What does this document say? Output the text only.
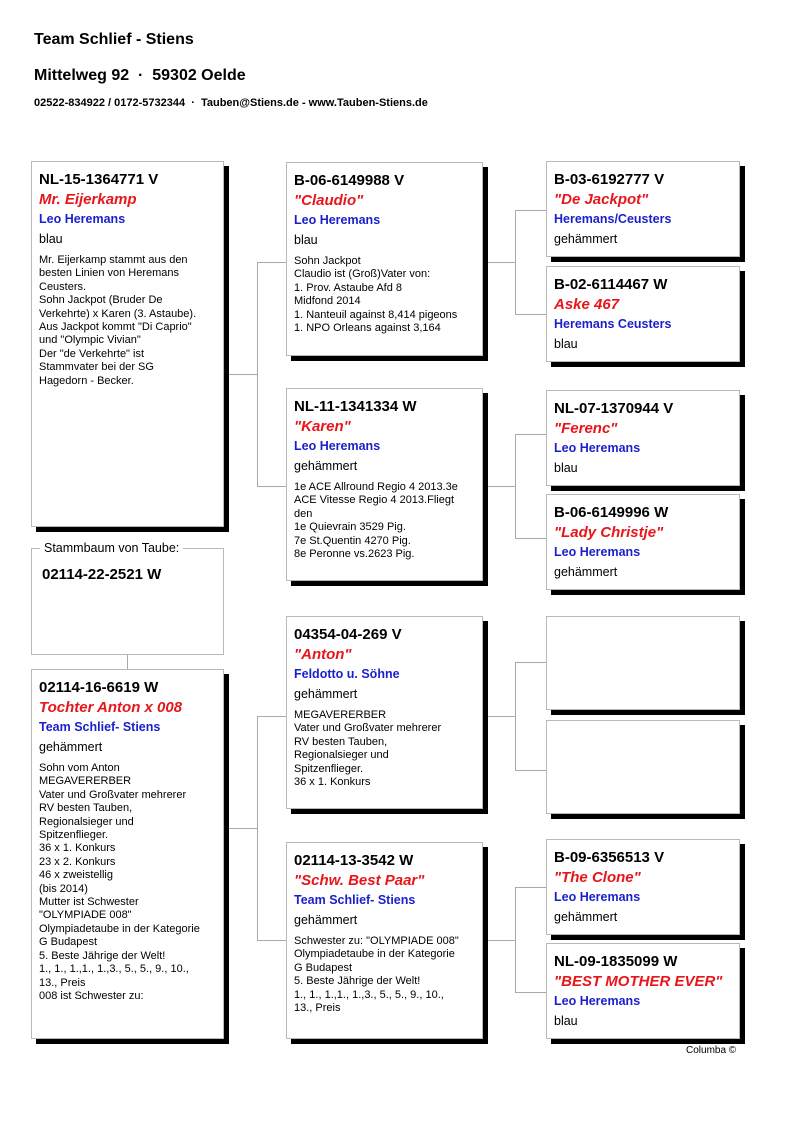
Team Schlief - Stiens
Mittelweg 92  ·  59302 Oelde
02522-834922 / 0172-5732344  ·  Tauben@Stiens.de - www.Tauben-Stiens.de
NL-15-1364771 V
Mr. Eijerkamp
Leo Heremans
blau
Mr. Eijerkamp stammt aus den
besten Linien von Heremans
Ceusters.
Sohn Jackpot (Bruder De
Verkehrte) x Karen (3. Astaube).
Aus Jackpot kommt "Di Caprio"
und "Olympic Vivian"
Der "de Verkehrte" ist
Stammvater bei der SG
Hagedorn - Becker.
Stammbaum von Taube:
02114-22-2521 W
02114-16-6619 W
Tochter Anton x 008
Team Schlief- Stiens
gehämmert
Sohn vom Anton
MEGAVERERBER
Vater und Großvater mehrerer
RV besten Tauben,
Regionalsieger und
Spitzenflieger.
36 x 1. Konkurs
23 x 2. Konkurs
46 x zweistellig
(bis 2014)
Mutter ist Schwester
"OLYMPIADE 008"
Olympiadetaube in der Kategorie
G Budapest
5. Beste Jährige der Welt!
1., 1., 1.,1., 1.,3., 5., 5., 9., 10.,
13., Preis
008 ist Schwester zu:
B-06-6149988 V
"Claudio"
Leo Heremans
blau
Sohn Jackpot
Claudio ist (Groß)Vater von:
1. Prov. Astaube Afd 8
Midfond 2014
1. Nanteuil against 8,414 pigeons
1. NPO Orleans against 3,164
NL-11-1341334 W
"Karen"
Leo Heremans
gehämmert
1e ACE Allround Regio 4 2013.3e
ACE Vitesse Regio 4 2013.Fliegt
den
1e Quievrain 3529 Pig.
7e St.Quentin 4270 Pig.
8e Peronne vs.2623 Pig.
04354-04-269 V
"Anton"
Feldotto u. Söhne
gehämmert
MEGAVERERBER
Vater und Großvater mehrerer
RV besten Tauben,
Regionalsieger und
Spitzenflieger.
36 x 1. Konkurs
02114-13-3542 W
"Schw. Best Paar"
Team Schlief- Stiens
gehämmert
Schwester zu: "OLYMPIADE 008"
Olympiadetaube in der Kategorie
G Budapest
5. Beste Jährige der Welt!
1., 1., 1.,1., 1.,3., 5., 5., 9., 10.,
13., Preis
B-03-6192777 V
"De Jackpot"
Heremans/Ceusters
gehämmert
B-02-6114467 W
Aske 467
Heremans Ceusters
blau
NL-07-1370944 V
"Ferenc"
Leo Heremans
blau
B-06-6149996 W
"Lady Christje"
Leo Heremans
gehämmert
B-09-6356513 V
"The Clone"
Leo Heremans
gehämmert
NL-09-1835099 W
"BEST MOTHER EVER"
Leo Heremans
blau
Columba ©
